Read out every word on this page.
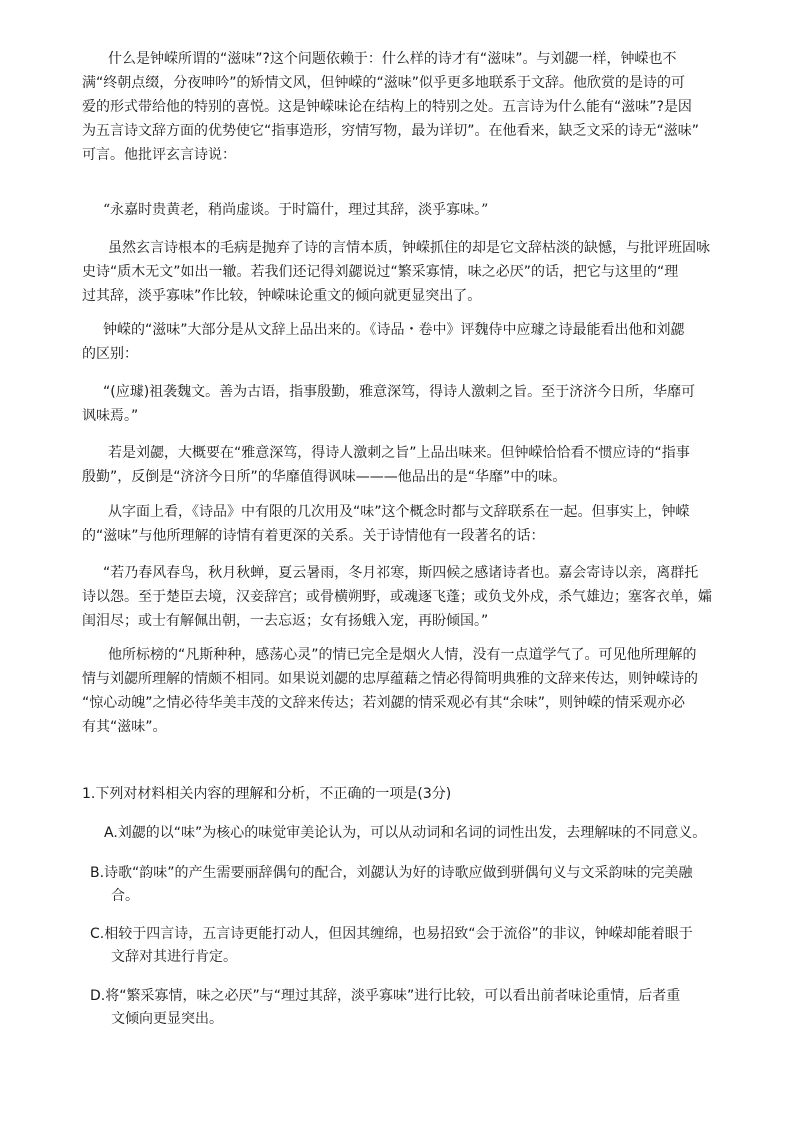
什么是钟嵘所谓的“滋味”?这个问题依赖于：什么样的诗才有“滋味”。与刘勰一样，钟嵘也不
满“终朝点缀，分夜呻吟”的矫情文风，但钟嵘的“滋味”似乎更多地联系于文辞。他欣赏的是诗的可
爱的形式带给他的特别的喜悦。这是钟嵘味论在结构上的特别之处。五言诗为什么能有“滋味”?是因
为五言诗文辞方面的优势使它“指事造形，穷情写物，最为详切”。在他看来，缺乏文采的诗无“滋味”
可言。他批评玄言诗说：
“永嘉时贵黄老，稍尚虚谈。于时篇什，理过其辞，淡乎寡味。”
虽然玄言诗根本的毛病是抛弃了诗的言情本质，钟嵘抓住的却是它文辞枯淡的缺憾，与批评班固咏
史诗“质木无文”如出一辙。若我们还记得刘勰说过“繁采寡情，味之必厌”的话，把它与这里的“理
过其辞，淡乎寡味”作比较，钟嵘味论重文的倾向就更显突出了。
钟嵘的“滋味”大部分是从文辞上品出来的。《诗品・卷中》评魏侍中应璩之诗最能看出他和刘勰
的区别：
“(应璩)祖袭魏文。善为古语，指事殷勤，雅意深笃，得诗人激刺之旨。至于济济今日所，华靡可
讽味焉。”
若是刘勰，大概要在“雅意深笃，得诗人激刺之旨”上品出味来。但钟嵘恰恰看不惯应诗的“指事
殷勤”，反倒是“济济今日所”的华靡值得讽味———他品出的是“华靡”中的味。
从字面上看，《诗品》中有限的几次用及“味”这个概念时都与文辞联系在一起。但事实上，钟嵘
的“滋味”与他所理解的诗情有着更深的关系。关于诗情他有一段著名的话：
“若乃春风春鸟，秋月秋蝉，夏云暑雨，冬月祁寒，斯四候之感诸诗者也。嘉会寄诗以亲，离群托
诗以怨。至于楚臣去境，汉妾辞宫；或骨横朔野，或魂逐飞蓬；或负戈外戍，杀气雄边；塞客衣单，孀
闺泪尽；或士有解佩出朝，一去忘返；女有扬蛾入宠，再盼倾国。”
他所标榜的“凡斯种种，感荡心灵”的情已完全是烟火人情，没有一点道学气了。可见他所理解的
情与刘勰所理解的情颇不相同。如果说刘勰的忠厚蕴藉之情必得简明典雅的文辞来传达，则钟嵘诗的
“惊心动魄”之情必待华美丰茂的文辞来传达；若刘勰的情采观必有其“余味”，则钟嵘的情采观亦必
有其“滋味”。
1.下列对材料相关内容的理解和分析，不正确的一项是(3分)
A.刘勰的以“味”为核心的味觉审美论认为，可以从动词和名词的词性出发，去理解味的不同意义。
B.诗歌“韵味”的产生需要丽辞偶句的配合，刘勰认为好的诗歌应做到骈偶句义与文采韵味的完美融
合。
C.相较于四言诗，五言诗更能打动人，但因其缠绵，也易招致“会于流俗”的非议，钟嵘却能着眼于
文辞对其进行肯定。
D.将“繁采寡情，味之必厌”与“理过其辞，淡乎寡味”进行比较，可以看出前者味论重情，后者重
文倾向更显突出。
